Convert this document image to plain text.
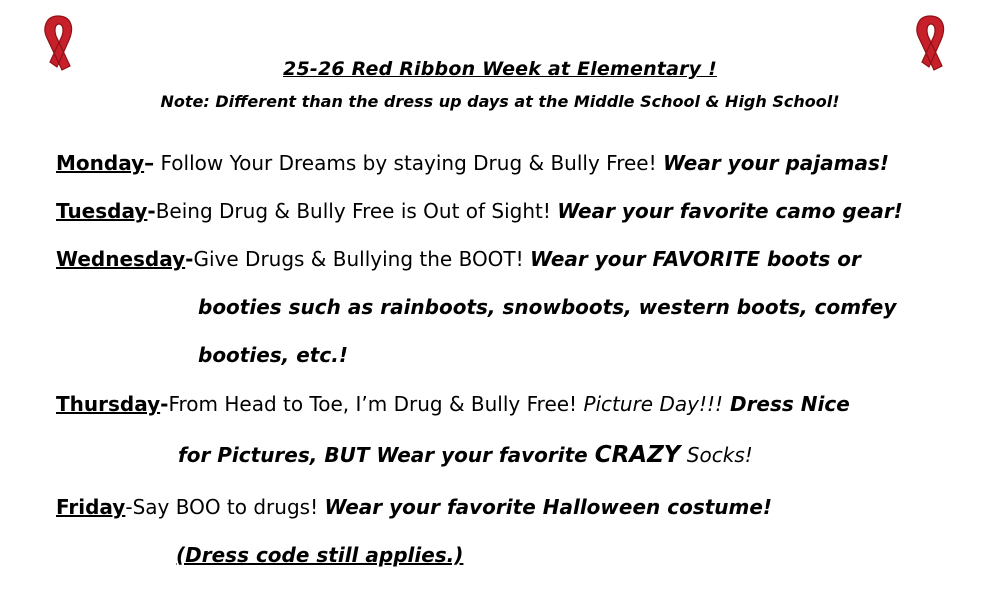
25-26 Red Ribbon Week at Elementary !
Note: Different than the dress up days at the Middle School & High School!
Monday– Follow Your Dreams by staying Drug & Bully Free! Wear your pajamas!
Tuesday-Being Drug & Bully Free is Out of Sight! Wear your favorite camo gear!
Wednesday-Give Drugs & Bullying the BOOT! Wear your FAVORITE boots or
booties such as rainboots, snowboots, western boots, comfey
booties, etc.!
Thursday-From Head to Toe, I’m Drug & Bully Free! Picture Day!!! Dress Nice
for Pictures, BUT Wear your favorite CRAZY Socks!
Friday-Say BOO to drugs! Wear your favorite Halloween costume!
(Dress code still applies.)
